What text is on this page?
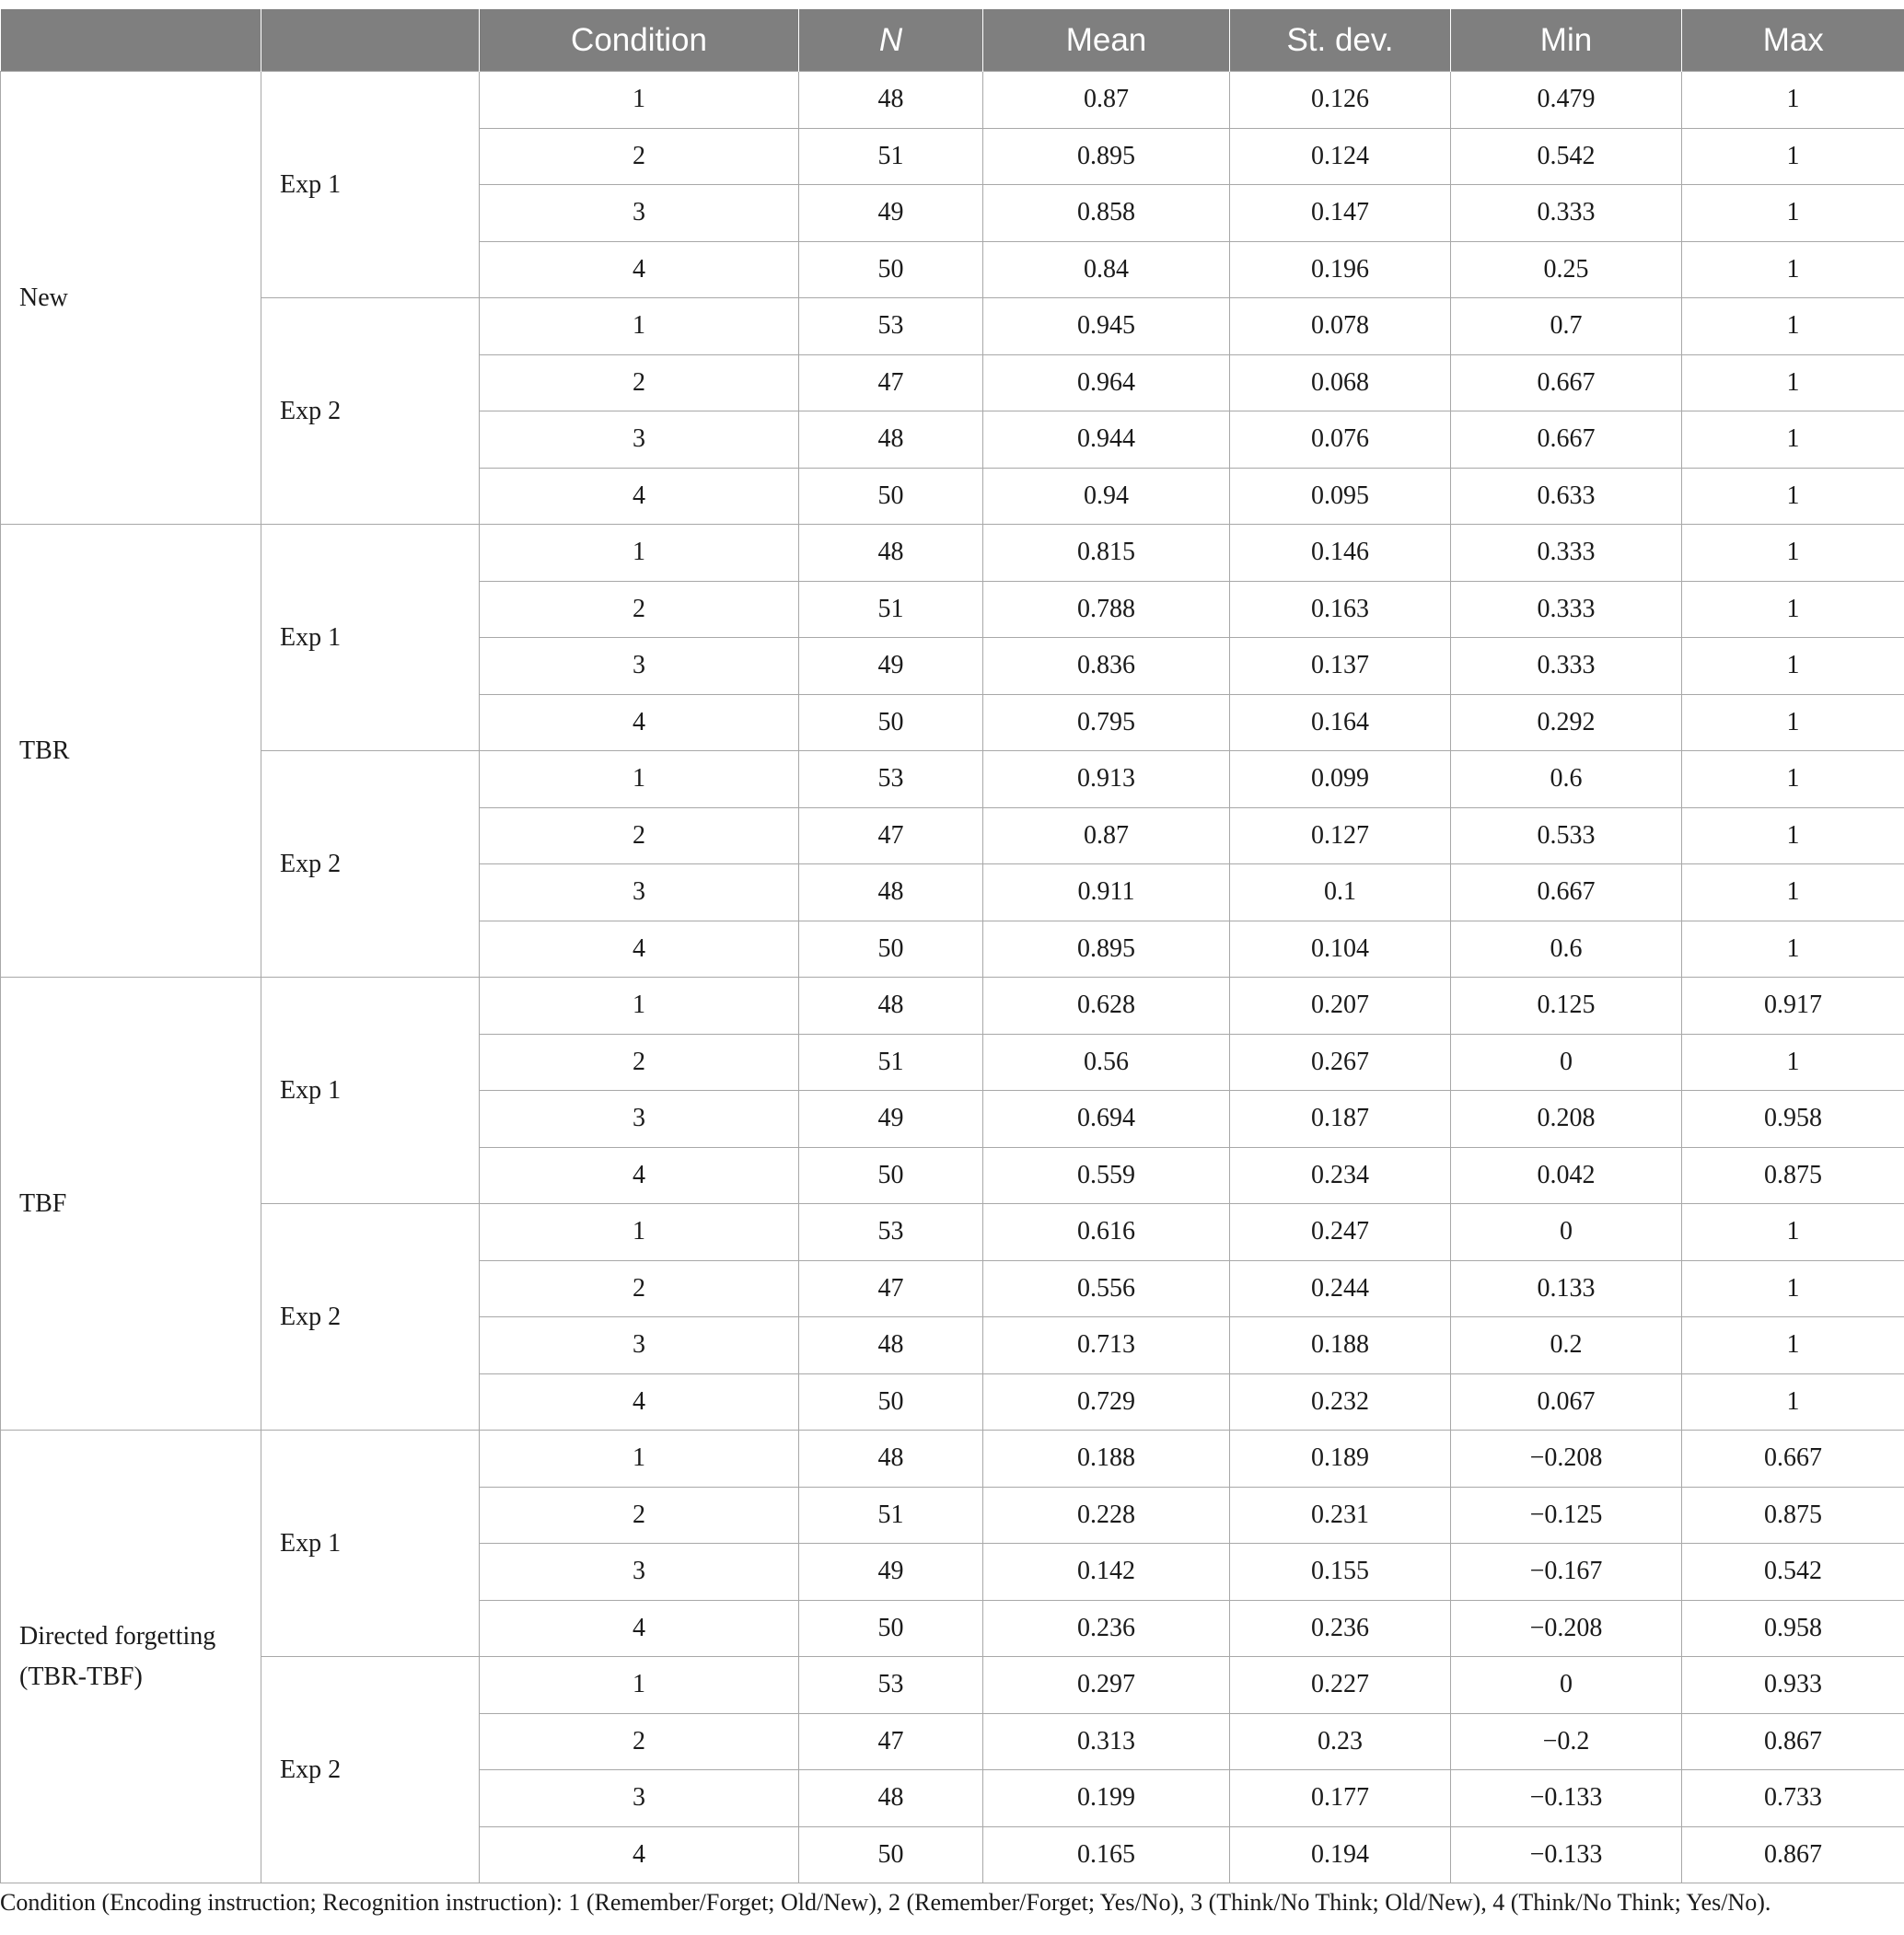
		Condition	N	Mean	St. dev.	Min	Max
New	Exp 1	1	48	0.87	0.126	0.479	1
		2	51	0.895	0.124	0.542	1
		3	49	0.858	0.147	0.333	1
		4	50	0.84	0.196	0.25	1
	Exp 2	1	53	0.945	0.078	0.7	1
		2	47	0.964	0.068	0.667	1
		3	48	0.944	0.076	0.667	1
		4	50	0.94	0.095	0.633	1
TBR	Exp 1	1	48	0.815	0.146	0.333	1
		2	51	0.788	0.163	0.333	1
		3	49	0.836	0.137	0.333	1
		4	50	0.795	0.164	0.292	1
	Exp 2	1	53	0.913	0.099	0.6	1
		2	47	0.87	0.127	0.533	1
		3	48	0.911	0.1	0.667	1
		4	50	0.895	0.104	0.6	1
TBF	Exp 1	1	48	0.628	0.207	0.125	0.917
		2	51	0.56	0.267	0	1
		3	49	0.694	0.187	0.208	0.958
		4	50	0.559	0.234	0.042	0.875
	Exp 2	1	53	0.616	0.247	0	1
		2	47	0.556	0.244	0.133	1
		3	48	0.713	0.188	0.2	1
		4	50	0.729	0.232	0.067	1
Directed forgetting (TBR-TBF)	Exp 1	1	48	0.188	0.189	−0.208	0.667
		2	51	0.228	0.231	−0.125	0.875
		3	49	0.142	0.155	−0.167	0.542
		4	50	0.236	0.236	−0.208	0.958
	Exp 2	1	53	0.297	0.227	0	0.933
		2	47	0.313	0.23	−0.2	0.867
		3	48	0.199	0.177	−0.133	0.733
		4	50	0.165	0.194	−0.133	0.867
Condition (Encoding instruction; Recognition instruction): 1 (Remember/Forget; Old/New), 2 (Remember/Forget; Yes/No), 3 (Think/No Think; Old/New), 4 (Think/No Think; Yes/No).
